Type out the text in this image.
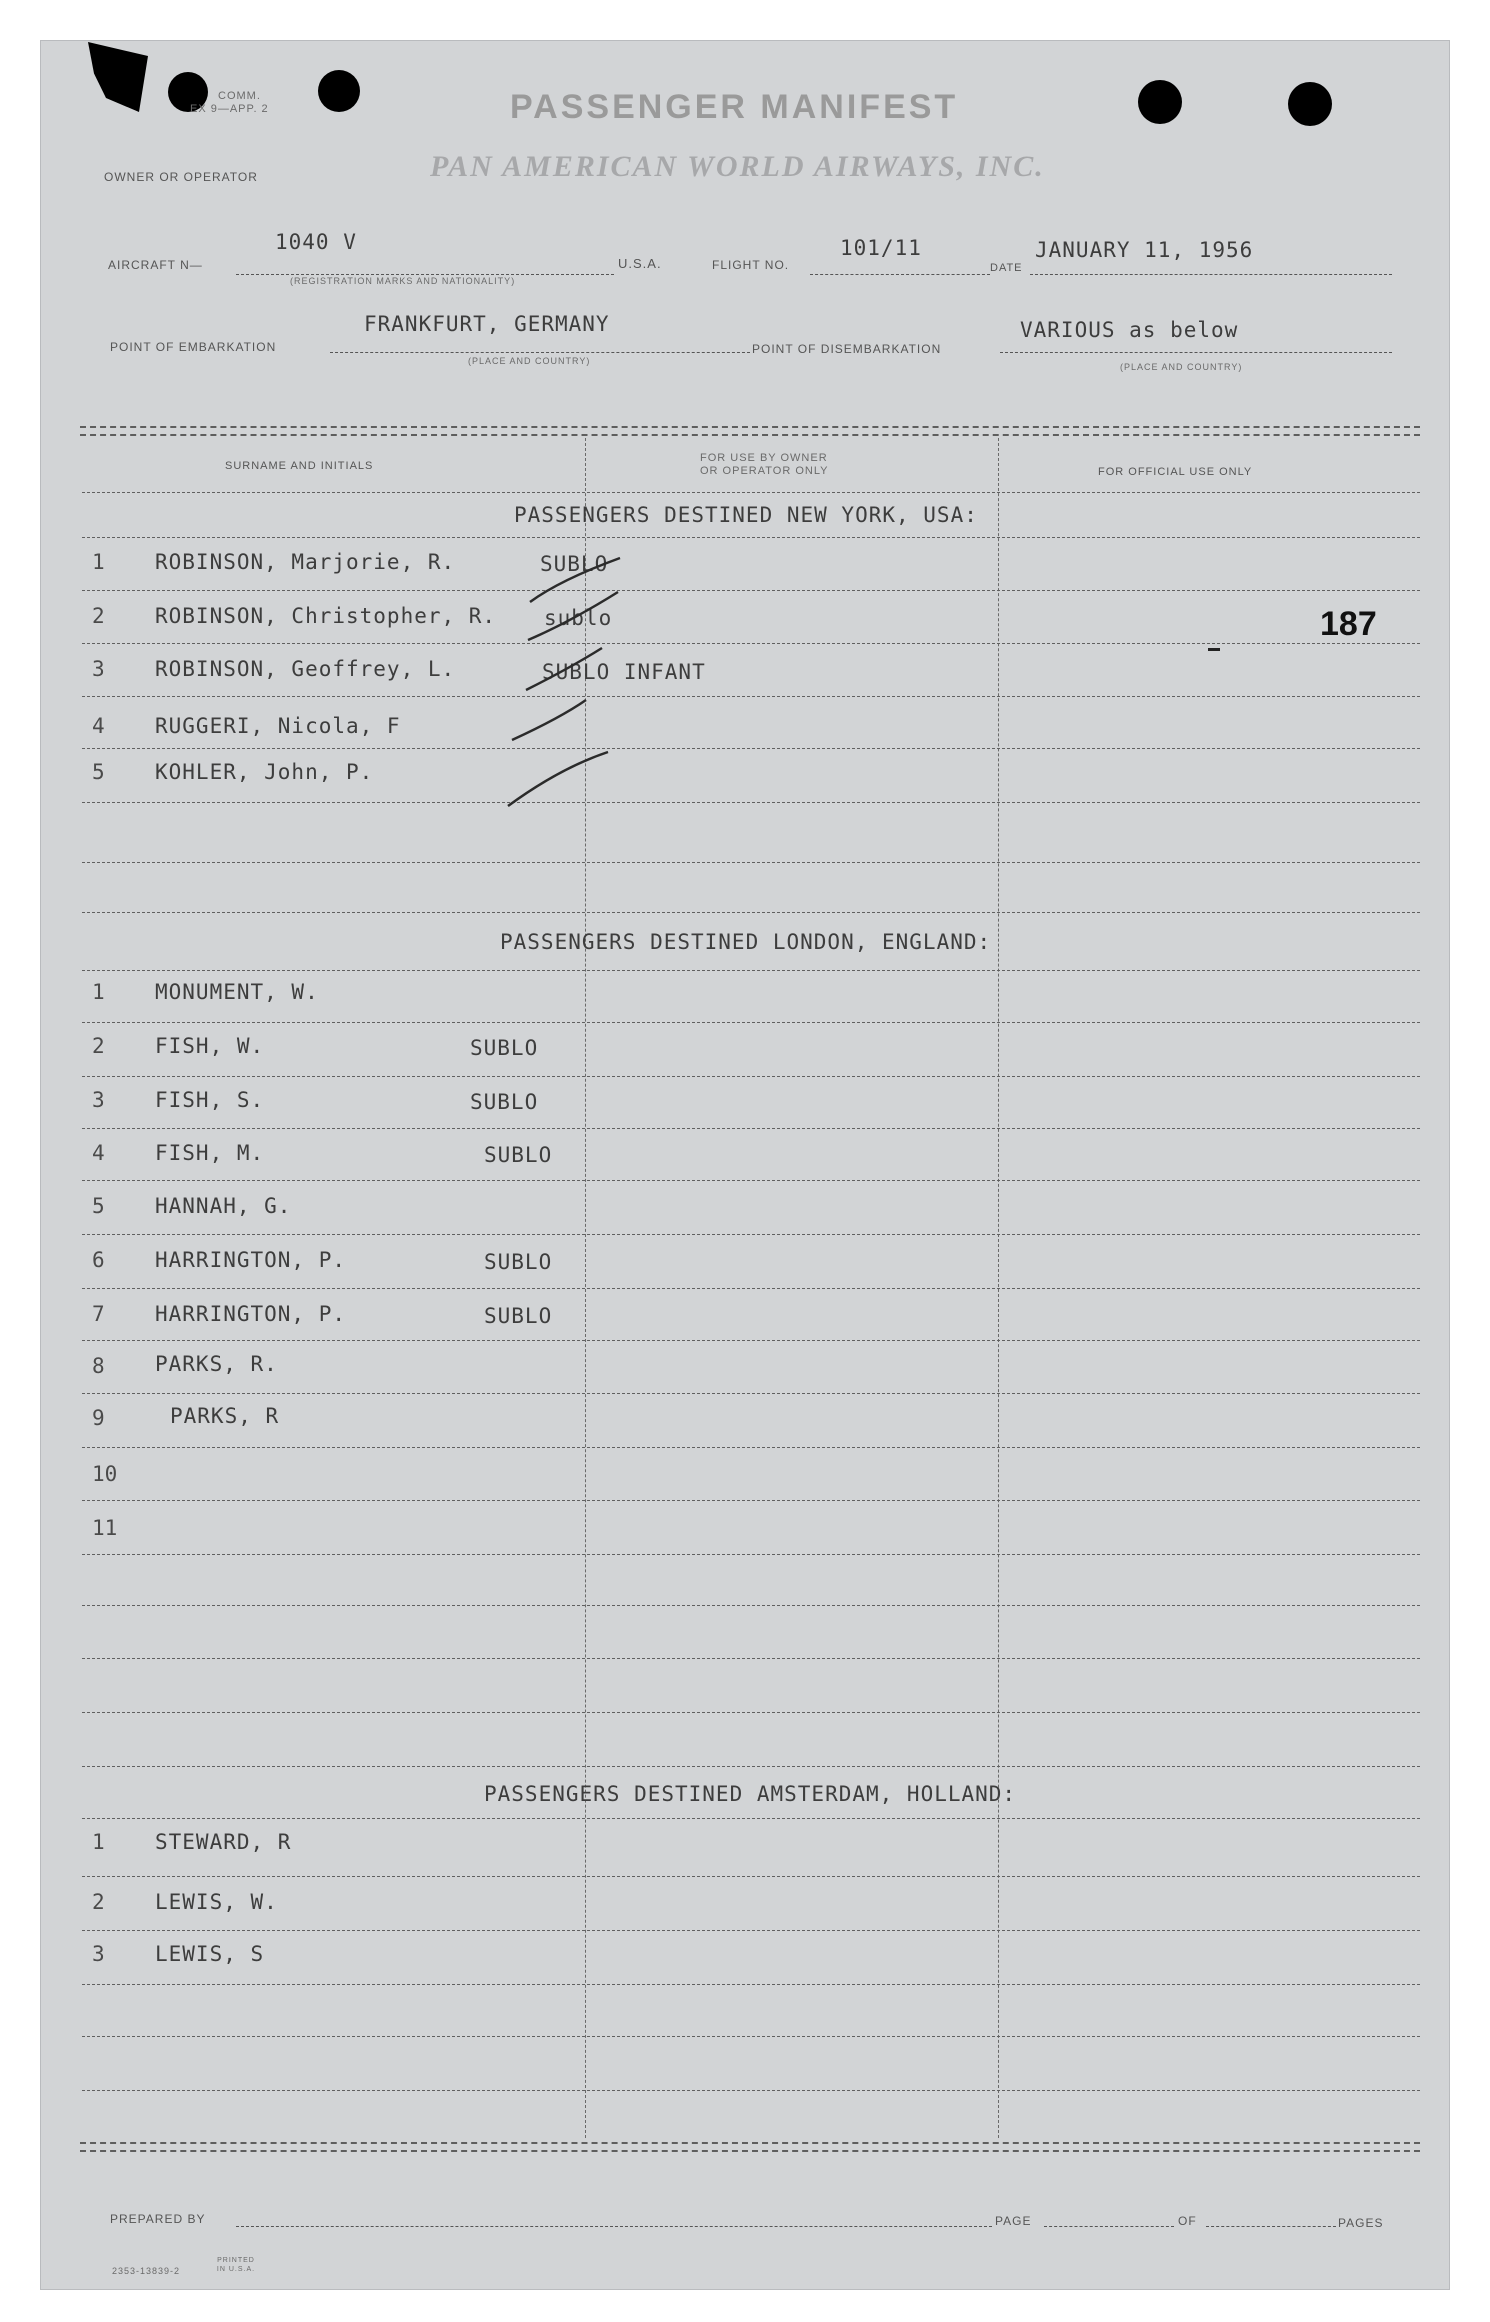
COMM.
EX 9—APP. 2	PASSENGER MANIFEST
OWNER OR OPERATOR	PAN AMERICAN WORLD AIRWAYS, INC.
AIRCRAFT N—
1040 V
(REGISTRATION MARKS AND NATIONALITY)
U.S.A.	FLIGHT NO.
101/11
DATE
JANUARY 11, 1956
POINT OF EMBARKATION
FRANKFURT, GERMANY
(PLACE AND COUNTRY)
POINT OF DISEMBARKATION
VARIOUS as below
(PLACE AND COUNTRY)
SURNAME AND INITIALS
FOR USE BY OWNER
OR OPERATOR ONLY	FOR OFFICIAL USE ONLY
PASSENGERS DESTINED NEW YORK, USA:
1 ROBINSON, Marjorie, R.	SUBLO
2 ROBINSON, Christopher, R. sublo
3 ROBINSON, Geoffrey, L.	SUBLO INFANT
4 RUGGERI, Nicola, F
5 KOHLER, John, P.
187
PASSENGERS DESTINED LONDON, ENGLAND:
1 MONUMENT, W.
2 FISH, W.	SUBLO
3 FISH, S.	SUBLO
4 FISH, M.	SUBLO
5 HANNAH, G.
6 HARRINGTON, P.	SUBLO
7 HARRINGTON, P.	SUBLO
8 PARKS, R.
9	PARKS, R
10
11
PASSENGERS DESTINED AMSTERDAM, HOLLAND:
1 STEWARD, R
2 LEWIS, W.
3 LEWIS, S
PREPARED BY	PAGE	OF	PAGES
2353-13839-2
PRINTED IN U.S.A.
